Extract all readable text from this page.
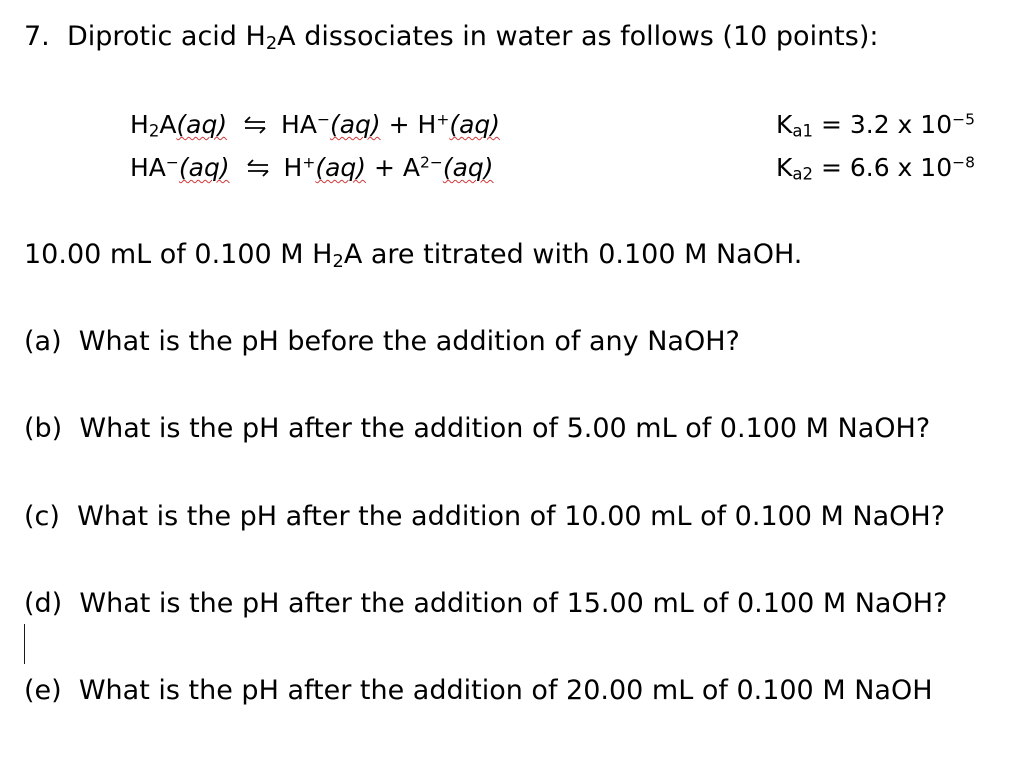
7. Diprotic acid $H_2A$ dissociates in water as follows (10 points):
$H_2A(aq)$ ⇌ HA−(aq) + H+(aq)	$K_{a1} = 3.2$ x $10^{-5}$
HA−(aq) ⇌ $H^+(aq) + A^{2-}(aq)$	$K_{a2} = 6.6$ x $10^{-8}$
10.00 mL of 0.100 M $H_2A$ are titrated with 0.100 M NaOH.
(a) What is the pH before the addition of any NaOH?
(b) What is the pH after the addition of 5.00 mL of 0.100 M NaOH?
(c) What is the pH after the addition of 10.00 mL of 0.100 M NaOH?
(d) What is the pH after the addition of 15.00 mL of 0.100 M NaOH?
(e) What is the pH after the addition of 20.00 mL of 0.100 M NaOH
